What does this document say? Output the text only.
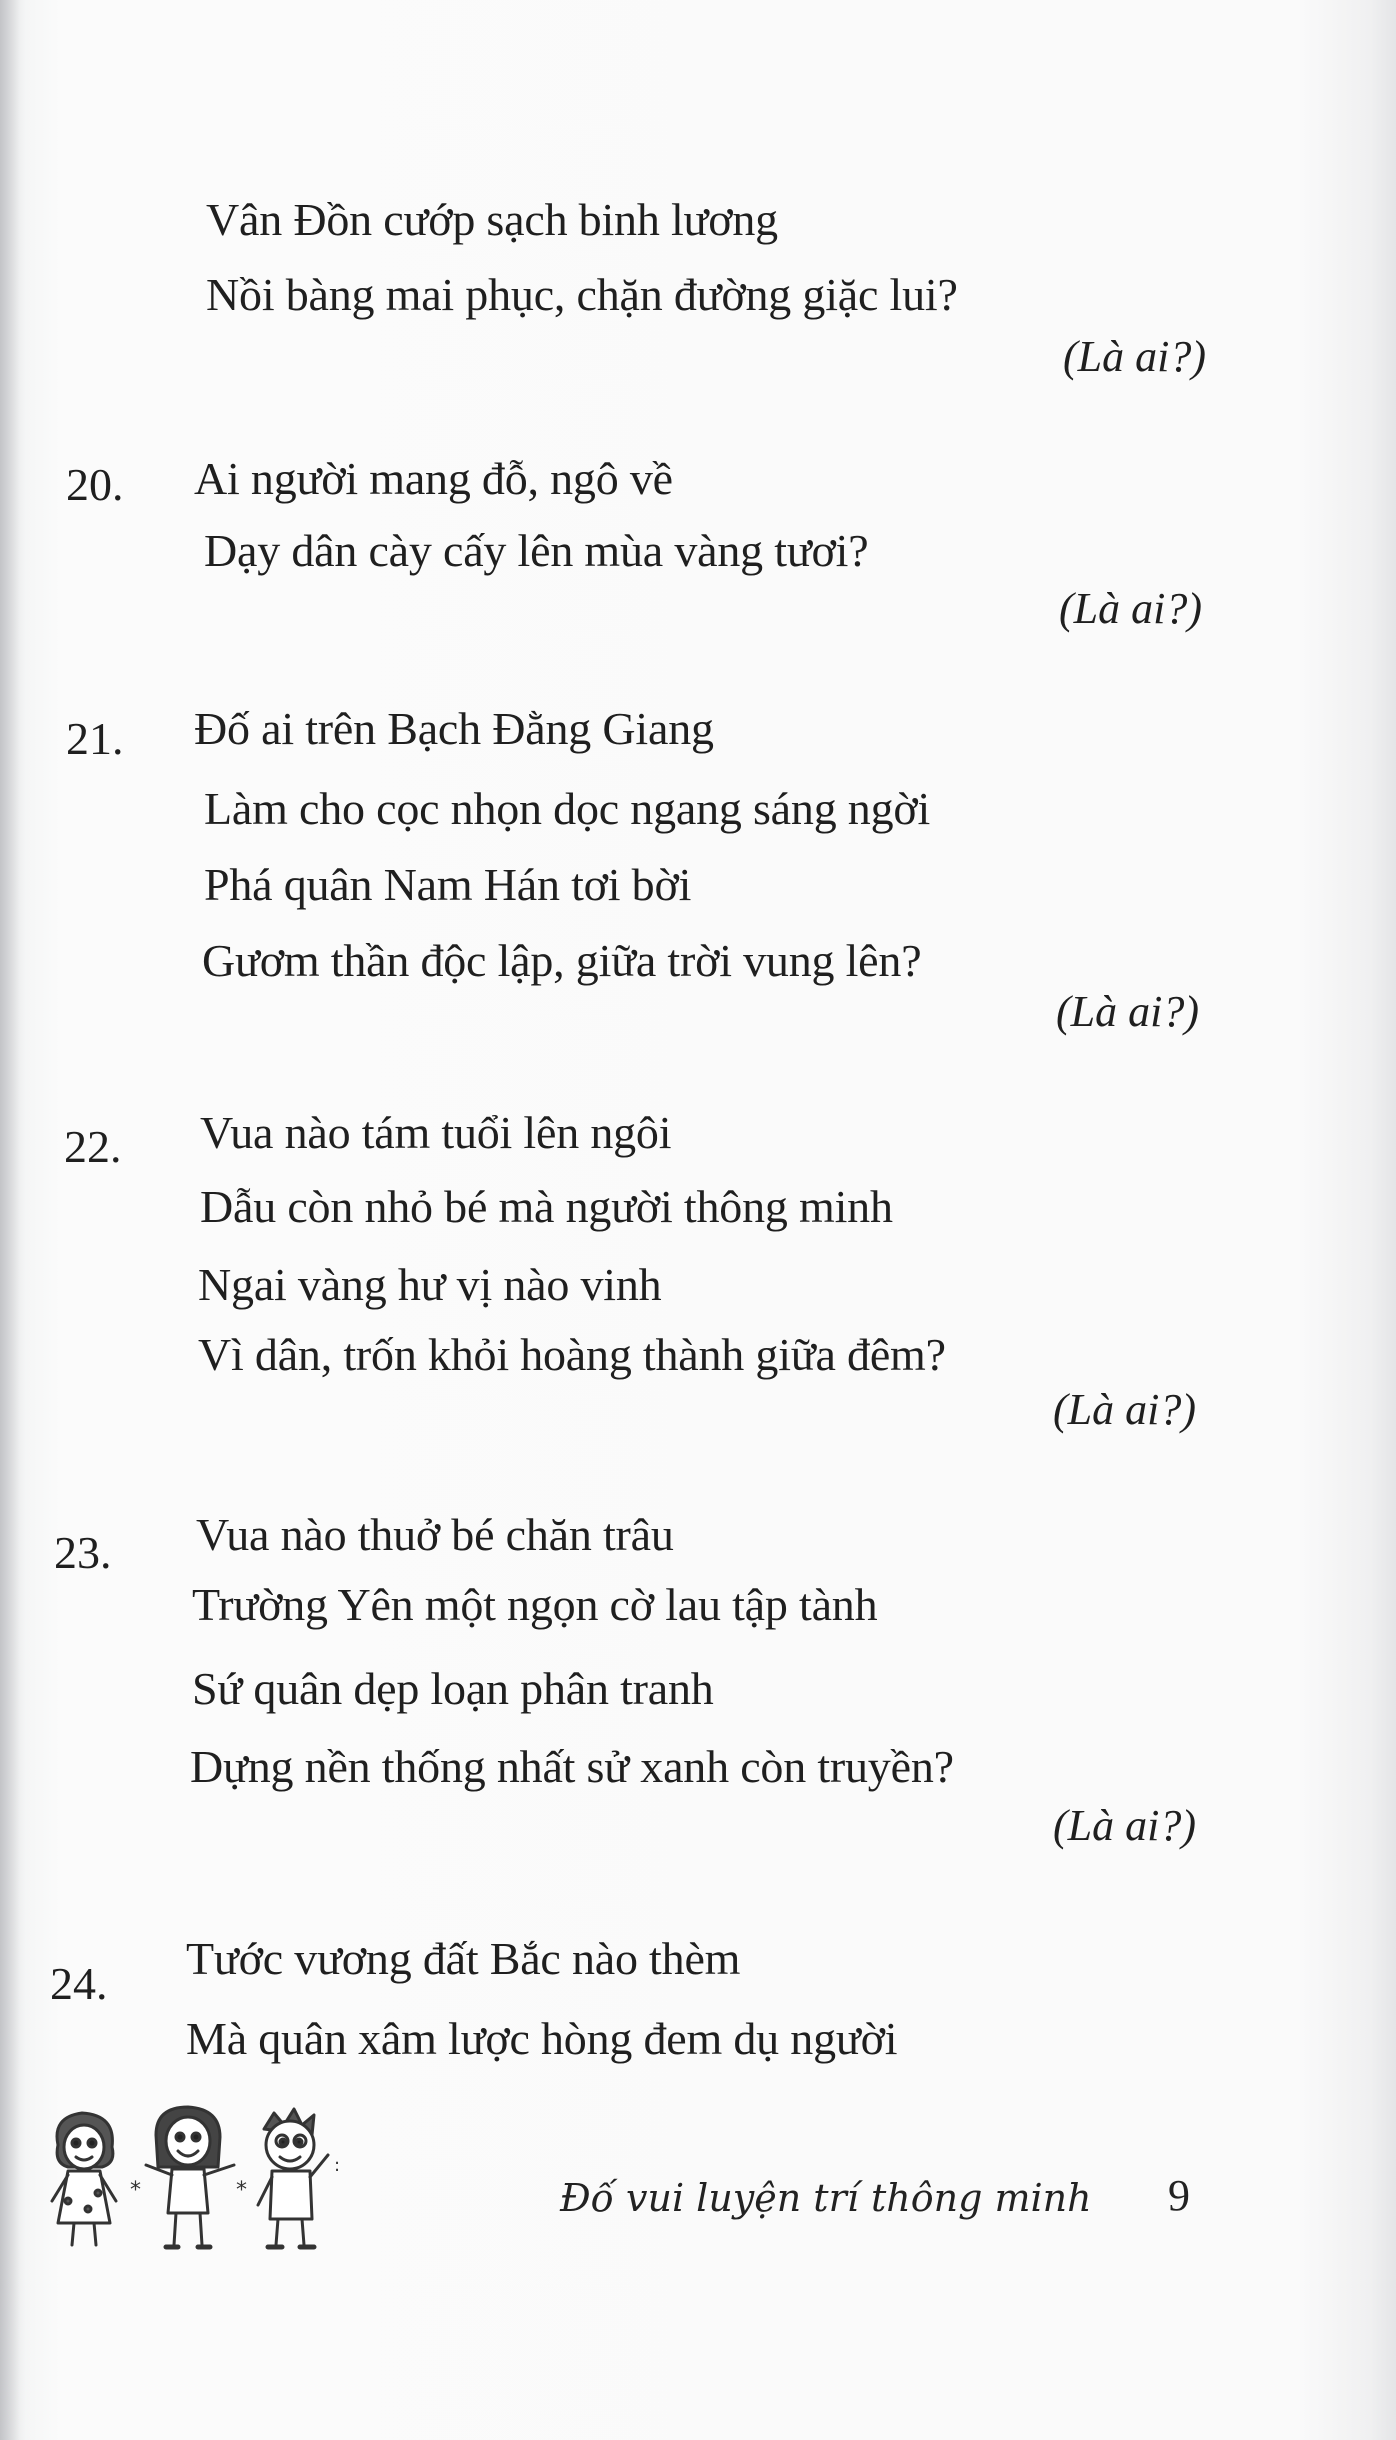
Vân Đồn cướp sạch binh lương
Nồi bàng mai phục, chặn đường giặc lui?
(Là ai?)
20. Ai người mang đỗ, ngô về
Dạy dân cày cấy lên mùa vàng tươi?
(Là ai?)
21. Đố ai trên Bạch Đằng Giang
Làm cho cọc nhọn dọc ngang sáng ngời
Phá quân Nam Hán tơi bời
Gươm thần độc lập, giữa trời vung lên?
(Là ai?)
22. Vua nào tám tuổi lên ngôi
Dẫu còn nhỏ bé mà người thông minh
Ngai vàng hư vị nào vinh
Vì dân, trốn khỏi hoàng thành giữa đêm?
(Là ai?)
23. Vua nào thuở bé chăn trâu
Trường Yên một ngọn cờ lau tập tành
Sứ quân dẹp loạn phân tranh
Dựng nền thống nhất sử xanh còn truyền?
(Là ai?)
24. Tước vương đất Bắc nào thèm
Mà quân xâm lược hòng đem dụ người
*	*
:
Đố vui luyện trí thông minh 9
